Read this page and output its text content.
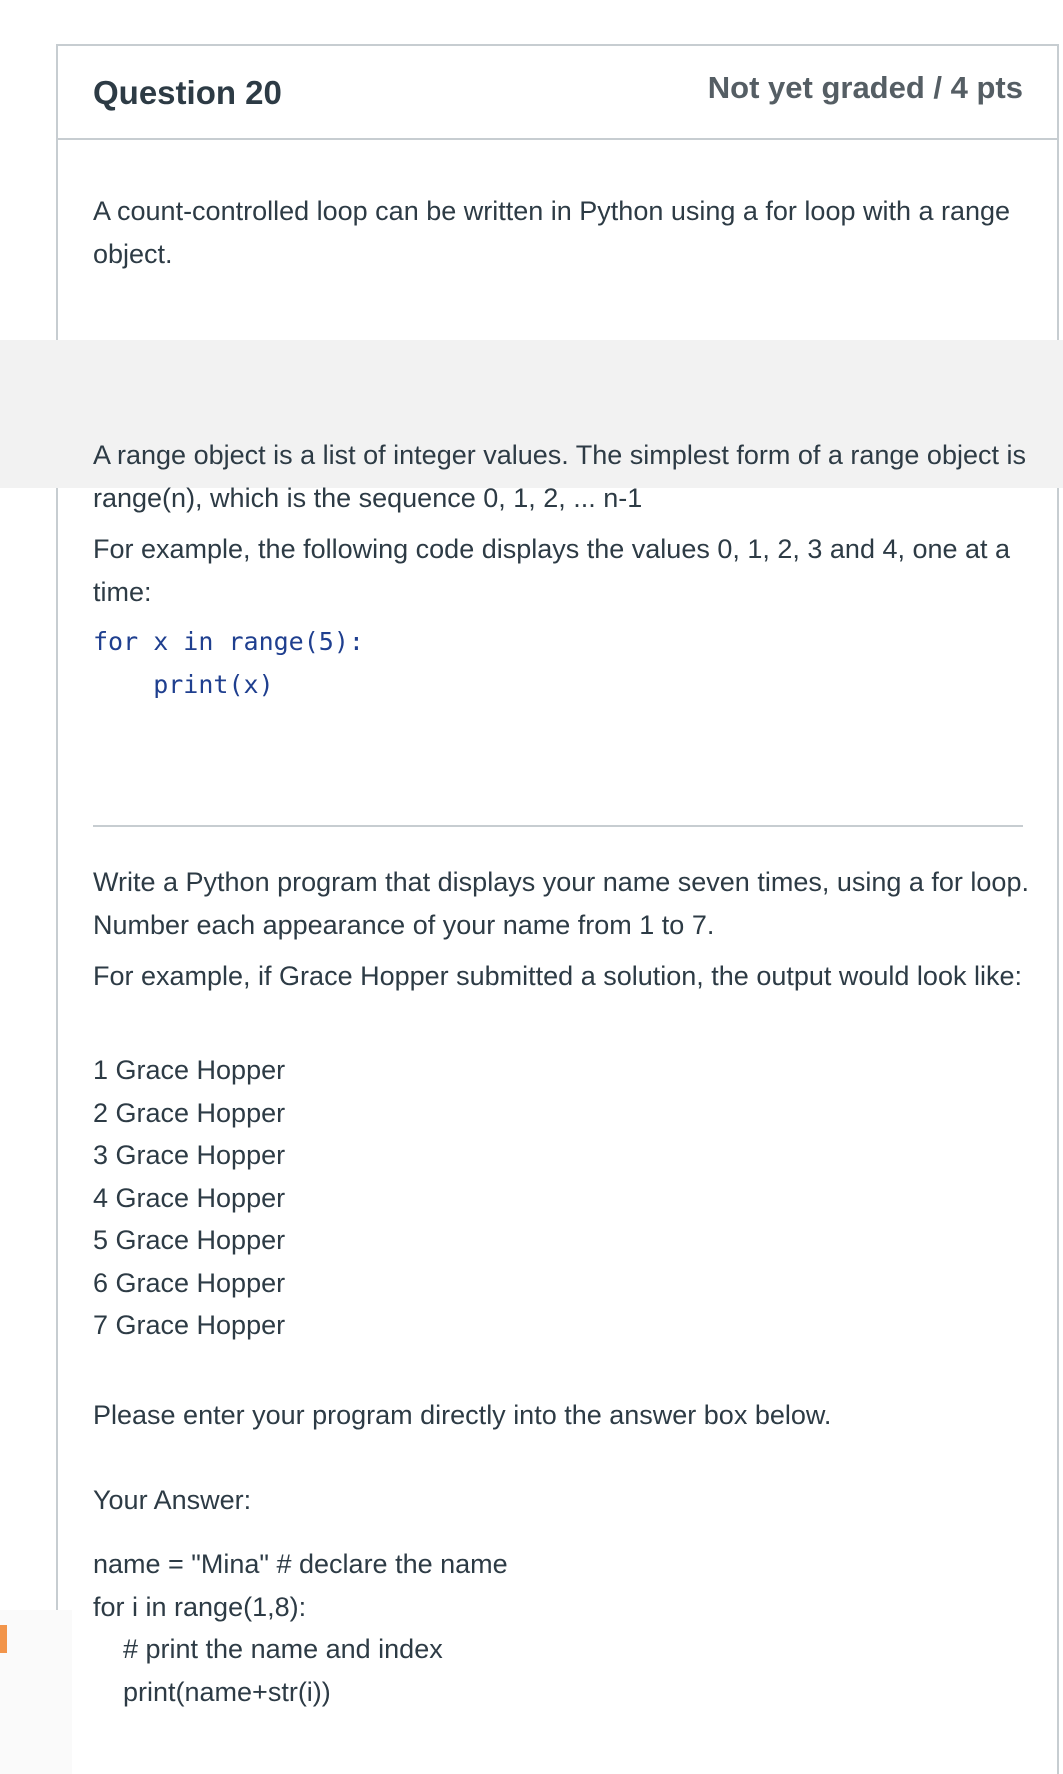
Question 20	Not yet graded / 4 pts

A count-controlled loop can be written in Python using a for loop with a range object.

A range object is a list of integer values. The simplest form of a range object is range(n), which is the sequence 0, 1, 2, ... n-1

For example, the following code displays the values 0, 1, 2, 3 and 4, one at a time:

for x in range(5):
print(x)

Write a Python program that displays your name seven times, using a for loop. Number each appearance of your name from 1 to 7.

For example, if Grace Hopper submitted a solution, the output would look like:

1 Grace Hopper
2 Grace Hopper
3 Grace Hopper
4 Grace Hopper
5 Grace Hopper
6 Grace Hopper
7 Grace Hopper

Please enter your program directly into the answer box below.

Your Answer:

name = "Mina" # declare the name
for i in range(1,8):
# print the name and index
print(name+str(i))
